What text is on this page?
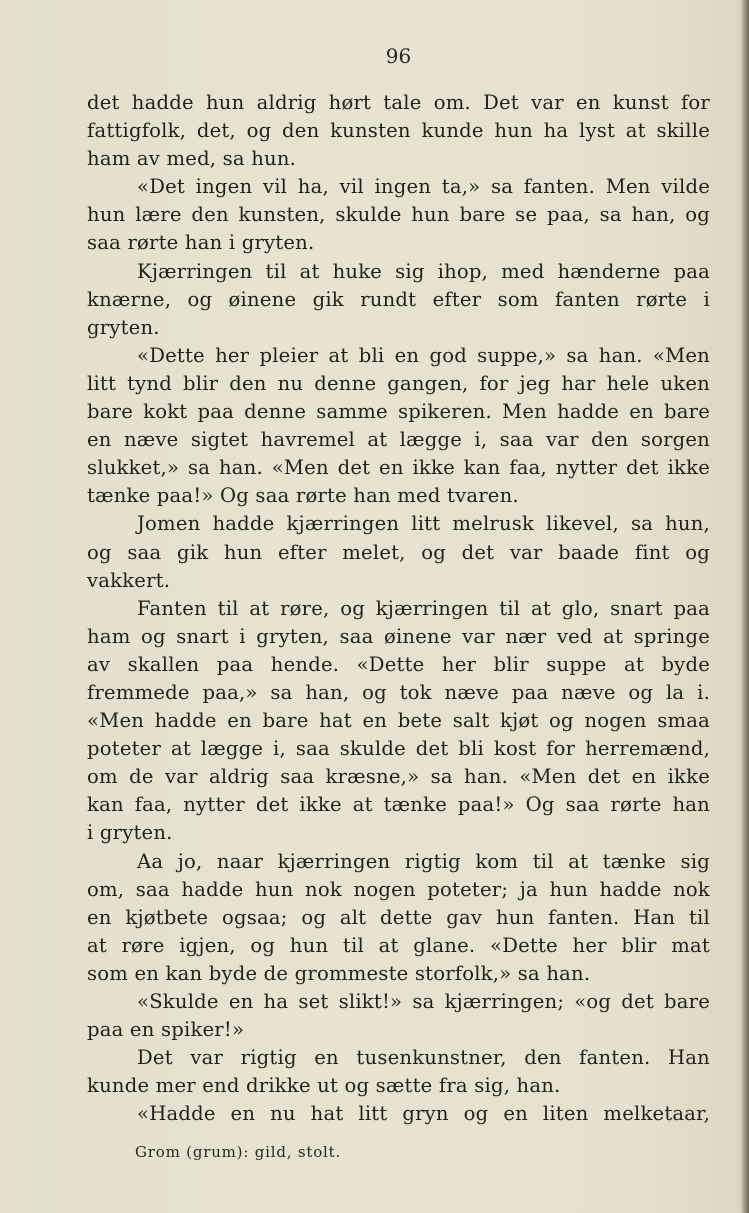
96
det hadde hun aldrig hørt tale om. Det var en kunst for
fattigfolk, det, og den kunsten kunde hun ha lyst at skille
ham av med, sa hun.
«Det ingen vil ha, vil ingen ta,» sa fanten. Men vilde
hun lære den kunsten, skulde hun bare se paa, sa han, og
saa rørte han i gryten.
Kjærringen til at huke sig ihop, med hænderne paa
knærne, og øinene gik rundt efter som fanten rørte i
gryten.
«Dette her pleier at bli en god suppe,» sa han. «Men
litt tynd blir den nu denne gangen, for jeg har hele uken
bare kokt paa denne samme spikeren. Men hadde en bare
en næve sigtet havremel at lægge i, saa var den sorgen
slukket,» sa han. «Men det en ikke kan faa, nytter det ikke
tænke paa!» Og saa rørte han med tvaren.
Jomen hadde kjærringen litt melrusk likevel, sa hun,
og saa gik hun efter melet, og det var baade fint og
vakkert.
Fanten til at røre, og kjærringen til at glo, snart paa
ham og snart i gryten, saa øinene var nær ved at springe
av skallen paa hende. «Dette her blir suppe at byde
fremmede paa,» sa han, og tok næve paa næve og la i.
«Men hadde en bare hat en bete salt kjøt og nogen smaa
poteter at lægge i, saa skulde det bli kost for herremænd,
om de var aldrig saa kræsne,» sa han. «Men det en ikke
kan faa, nytter det ikke at tænke paa!» Og saa rørte han
i gryten.
Aa jo, naar kjærringen rigtig kom til at tænke sig
om, saa hadde hun nok nogen poteter; ja hun hadde nok
en kjøtbete ogsaa; og alt dette gav hun fanten. Han til
at røre igjen, og hun til at glane. «Dette her blir mat
som en kan byde de grommeste storfolk,» sa han.
«Skulde en ha set slikt!» sa kjærringen; «og det bare
paa en spiker!»
Det var rigtig en tusenkunstner, den fanten. Han
kunde mer end drikke ut og sætte fra sig, han.
«Hadde en nu hat litt gryn og en liten melketaar,
Grom (grum): gild, stolt.
